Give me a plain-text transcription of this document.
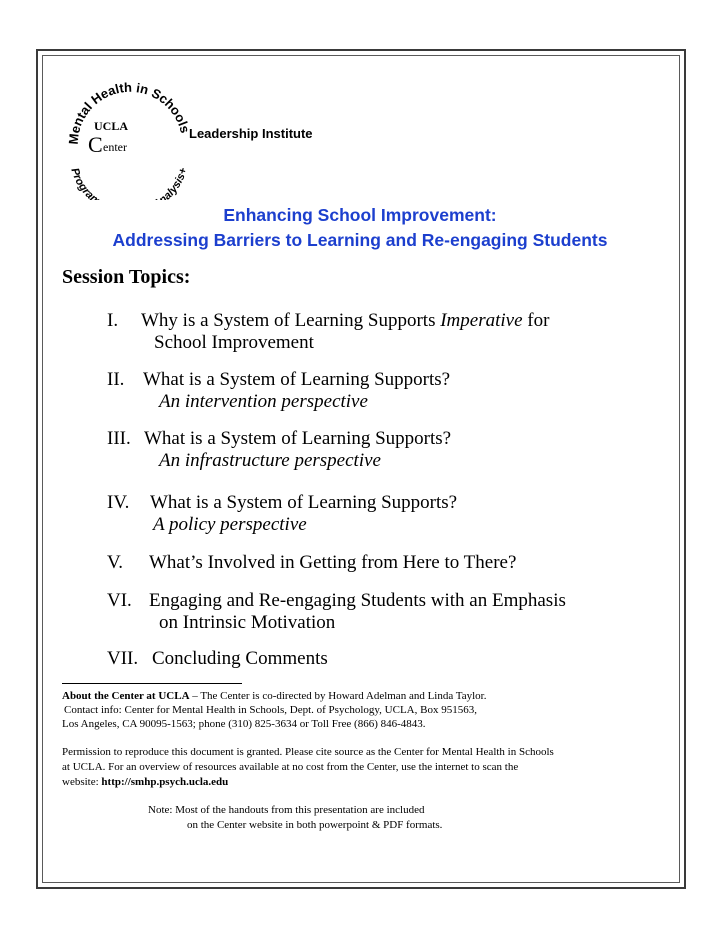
Mental Health in Schools
Progra nalysis+
UCLA
C enter
Leadership Institute
Enhancing School Improvement:
Addressing Barriers to Learning and Re-engaging Students
Session Topics:
I. Why is a System of Learning Supports Imperative for
School Improvement
II. What is a System of Learning Supports?
An intervention perspective
III. What is a System of Learning Supports?
An infrastructure perspective
IV. What is a System of Learning Supports?
A policy perspective
V. What’s Involved in Getting from Here to There?
VI. Engaging and Re-engaging Students with an Emphasis
on Intrinsic Motivation
VII. Concluding Comments
About the Center at UCLA – The Center is co-directed by Howard Adelman and Linda Taylor.
Contact info: Center for Mental Health in Schools, Dept. of Psychology, UCLA, Box 951563,
Los Angeles, CA 90095-1563; phone (310) 825-3634 or Toll Free (866) 846-4843.
Permission to reproduce this document is granted. Please cite source as the Center for Mental Health in Schools
at UCLA. For an overview of resources available at no cost from the Center, use the internet to scan the
website: http://smhp.psych.ucla.edu
Note: Most of the handouts from this presentation are included
on the Center website in both powerpoint & PDF formats.
